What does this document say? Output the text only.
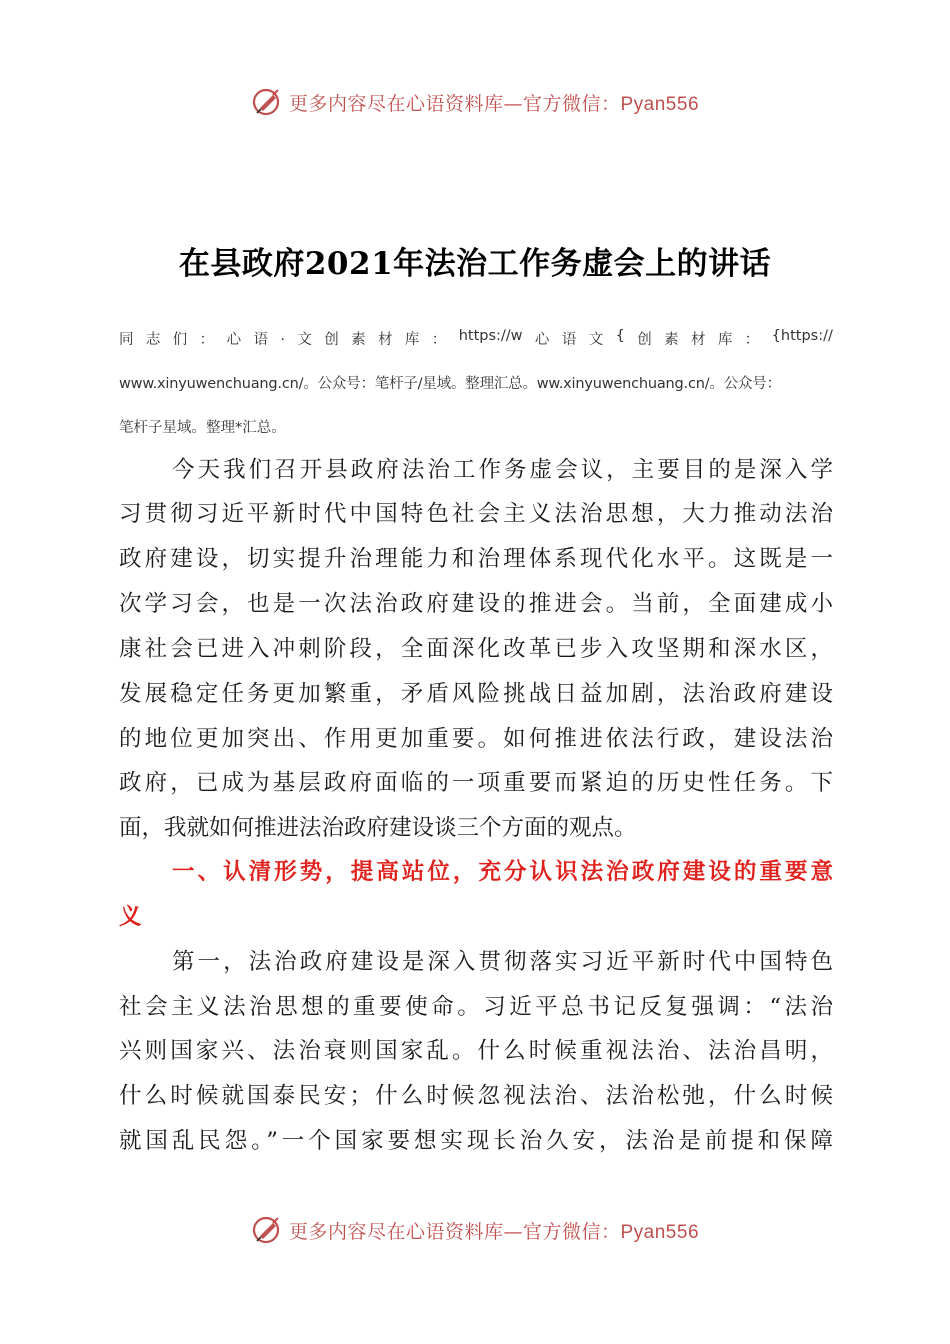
更多内容尽在心语资料库—官方微信：Pyan556
在县政府2021年法治工作务虚会上的讲话
同 志 们 ： 心 语 . 文 创 素 材 库 ： https://w 心 语 文 { 创 素 材 库 ： {https://
www.xinyuwenchuang.cn/。公众号：笔杆子/星域。整理汇总。ww.xinyuwenchuang.cn/。公众号：
笔杆子星域。整理*汇总。
今天我们召开县政府法治工作务虚会议，主要目的是深入学
习贯彻习近平新时代中国特色社会主义法治思想，大力推动法治
政府建设，切实提升治理能力和治理体系现代化水平。这既是一
次学习会，也是一次法治政府建设的推进会。当前，全面建成小
康社会已进入冲刺阶段，全面深化改革已步入攻坚期和深水区，
发展稳定任务更加繁重，矛盾风险挑战日益加剧，法治政府建设
的地位更加突出、作用更加重要。如何推进依法行政，建设法治
政府，已成为基层政府面临的一项重要而紧迫的历史性任务。下
面，我就如何推进法治政府建设谈三个方面的观点。
一、认清形势，提高站位，充分认识法治政府建设的重要意
义
第一，法治政府建设是深入贯彻落实习近平新时代中国特色
社会主义法治思想的重要使命。习近平总书记反复强调：“法治
兴则国家兴、法治衰则国家乱。什么时候重视法治、法治昌明，
什么时候就国泰民安；什么时候忽视法治、法治松弛，什么时候
就国乱民怨。”一个国家要想实现长治久安，法治是前提和保障
更多内容尽在心语资料库—官方微信：Pyan556
